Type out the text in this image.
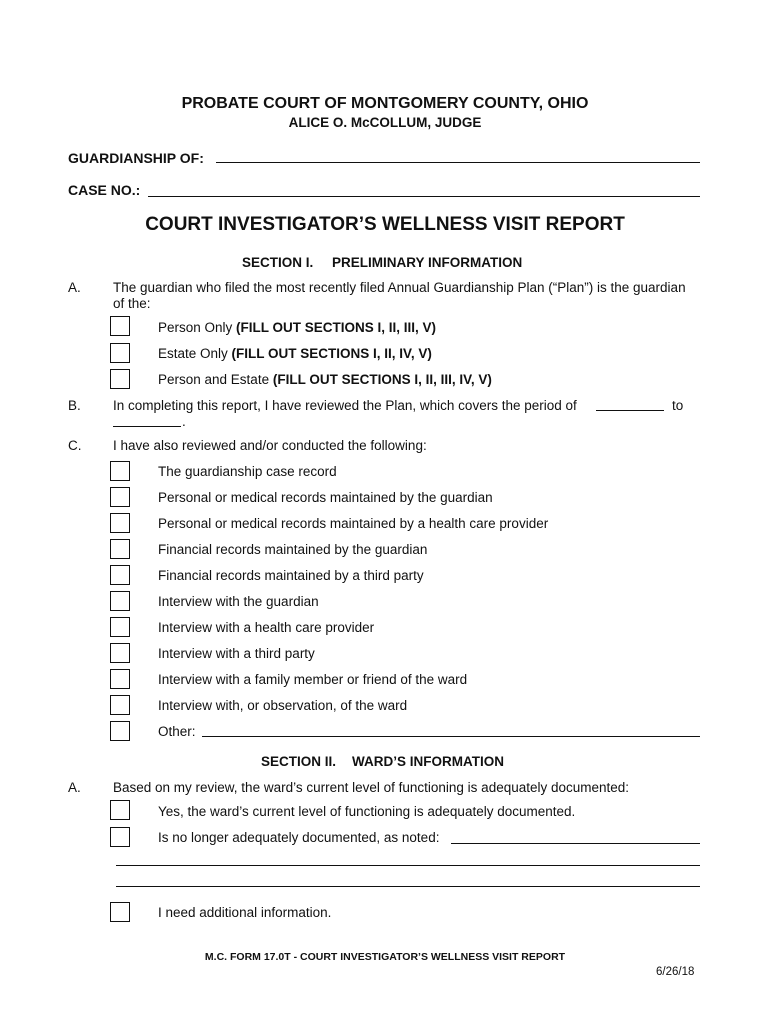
PROBATE COURT OF MONTGOMERY COUNTY, OHIO
ALICE O. McCOLLUM, JUDGE
GUARDIANSHIP OF:
CASE NO.:
COURT INVESTIGATOR’S WELLNESS VISIT REPORT
SECTION I. PRELIMINARY INFORMATION
A. The guardian who filed the most recently filed Annual Guardianship Plan (“Plan”) is the guardian
of the:
Person Only (FILL OUT SECTIONS I, II, III, V)
Estate Only (FILL OUT SECTIONS I, II, IV, V)
Person and Estate (FILL OUT SECTIONS I, II, III, IV, V)
B. In completing this report, I have reviewed the Plan, which covers the period of	to
.
C. I have also reviewed and/or conducted the following:
The guardianship case record
Personal or medical records maintained by the guardian
Personal or medical records maintained by a health care provider
Financial records maintained by the guardian
Financial records maintained by a third party
Interview with the guardian
Interview with a health care provider
Interview with a third party
Interview with a family member or friend of the ward
Interview with, or observation, of the ward
Other:
SECTION II. WARD’S INFORMATION
A. Based on my review, the ward’s current level of functioning is adequately documented:
Yes, the ward’s current level of functioning is adequately documented.
Is no longer adequately documented, as noted:
I need additional information.
M.C. FORM 17.0T - COURT INVESTIGATOR’S WELLNESS VISIT REPORT
6/26/18
